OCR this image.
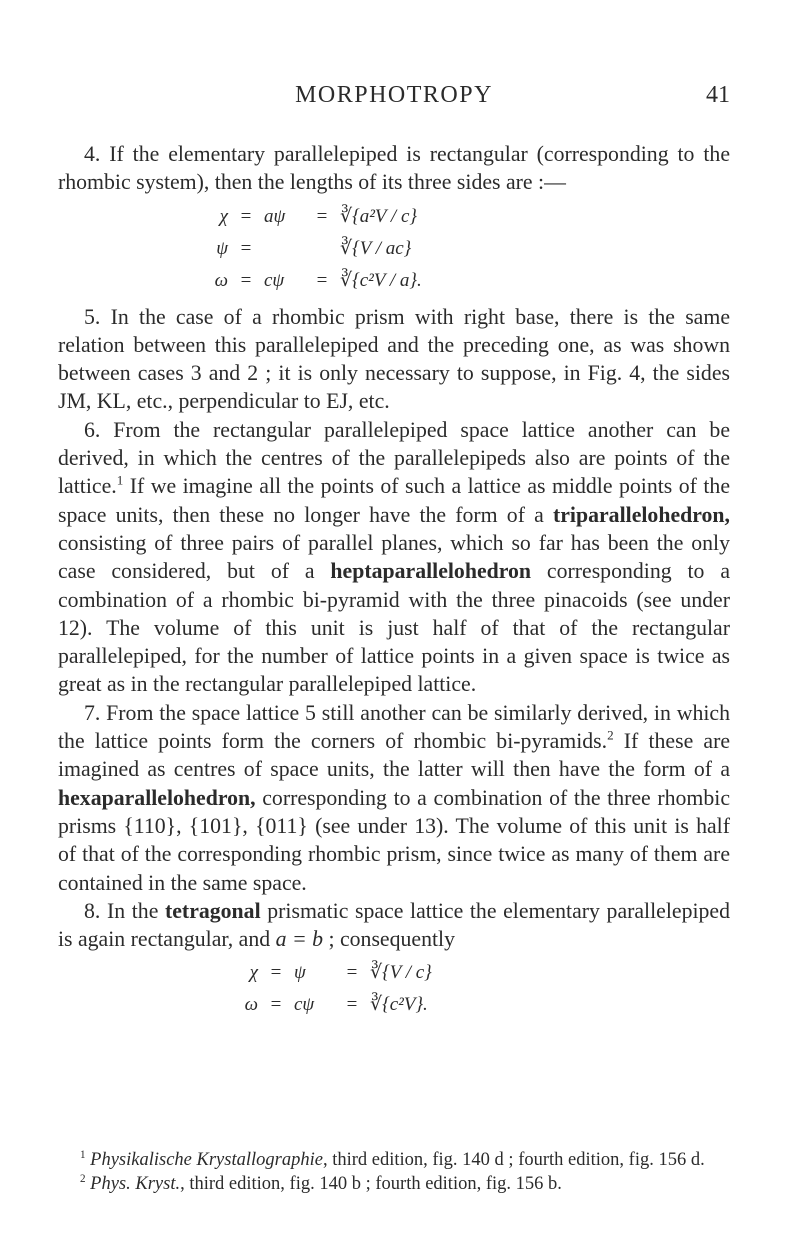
MORPHOTROPY	41

4. If the elementary parallelepiped is rectangular (corresponding to the rhombic system), then the lengths of its three sides are :—

χ = aψ	= ∛{a²V / c}
ψ =	∛{V / ac}
ω = cψ	= ∛{c²V / a}.

5. In the case of a rhombic prism with right base, there is the same relation between this parallelepiped and the preceding one, as was shown between cases 3 and 2 ; it is only necessary to suppose, in Fig. 4, the sides JM, KL, etc., perpendicular to EJ, etc.

6. From the rectangular parallelepiped space lattice another can be derived, in which the centres of the parallelepipeds also are points of the lattice.$^1$ If we imagine all the points of such a lattice as middle points of the space units, then these no longer have the form of a triparallelohedron, consisting of three pairs of parallel planes, which so far has been the only case considered, but of a heptaparallelohedron corresponding to a combination of a rhombic bi-pyramid with the three pinacoids (see under 12). The volume of this unit is just half of that of the rectangular parallelepiped, for the number of lattice points in a given space is twice as great as in the rectangular parallelepiped lattice.

7. From the space lattice 5 still another can be similarly derived, in which the lattice points form the corners of rhombic bi-pyramids.$^2$ If these are imagined as centres of space units, the latter will then have the form of a hexaparallelohedron, corresponding to a combination of the three rhombic prisms {110}, {101}, {011} (see under 13). The volume of this unit is half of that of the corresponding rhombic prism, since twice as many of them are contained in the same space.

8. In the tetragonal prismatic space lattice the elementary parallelepiped is again rectangular, and a = b ; consequently

χ = ψ	= ∛{V / c}
ω = cψ	= ∛{c²V}.

$^1$ Physikalische Krystallographie, third edition, fig. 140 d ; fourth edition, fig. 156 d.

$^2$ Phys. Kryst., third edition, fig. 140 b ; fourth edition, fig. 156 b.
